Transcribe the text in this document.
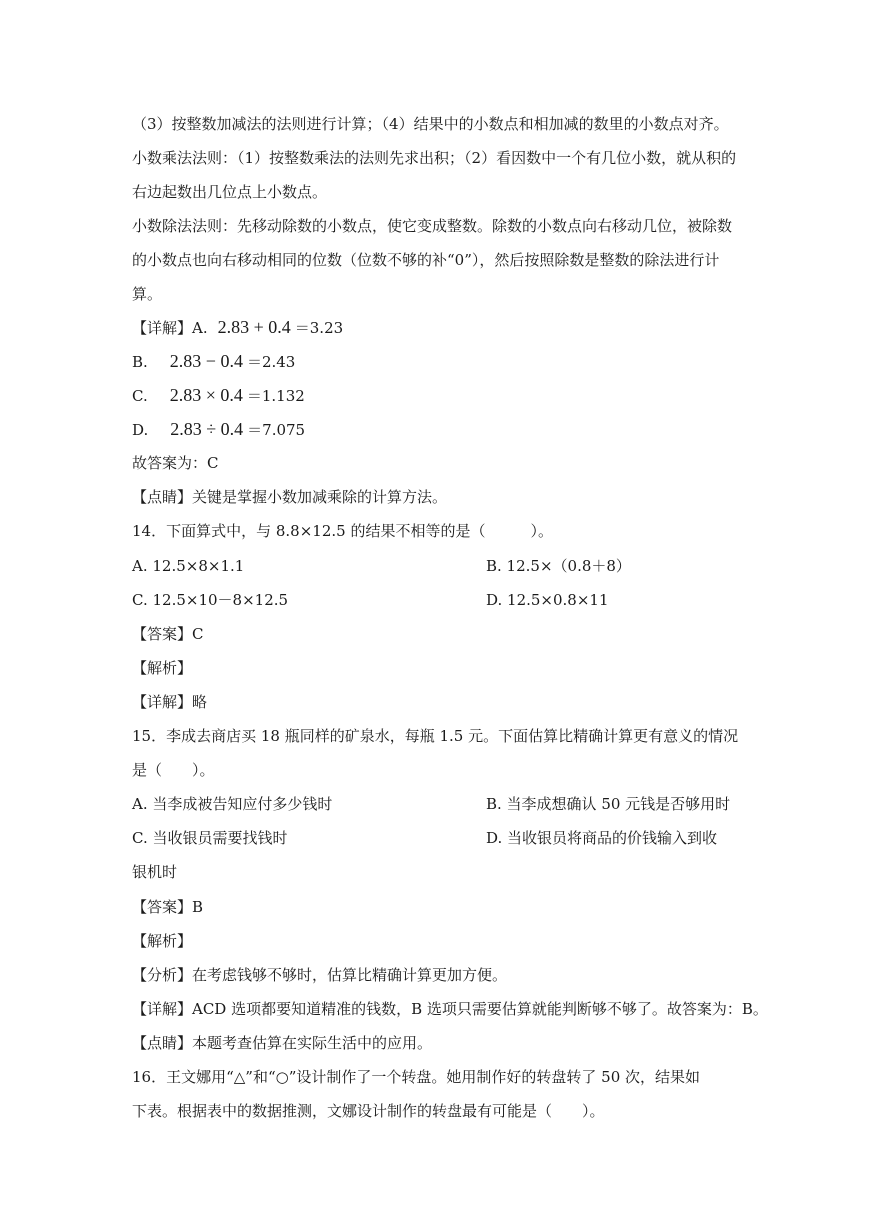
（3）按整数加减法的法则进行计算；（4）结果中的小数点和相加减的数里的小数点对齐。
小数乘法法则：（1）按整数乘法的法则先求出积；（2）看因数中一个有几位小数，就从积的
右边起数出几位点上小数点。
小数除法法则：先移动除数的小数点，使它变成整数。除数的小数点向右移动几位，被除数
的小数点也向右移动相同的位数（位数不够的补“0”），然后按照除数是整数的除法进行计
算。
【详解】A. 2.83 + 0.4 ＝3.23
B. 2.83 − 0.4 ＝2.43
C. 2.83 × 0.4 ＝1.132
D. 2.83 ÷ 0.4 ＝7.075
故答案为：C
【点睛】关键是掌握小数加减乘除的计算方法。
14．下面算式中，与 8.8×12.5 的结果不相等的是（　　　）。
A. 12.5×8×1.1	B. 12.5×（0.8＋8）
C. 12.5×10－8×12.5	D. 12.5×0.8×11
【答案】C
【解析】
【详解】略
15．李成去商店买 18 瓶同样的矿泉水，每瓶 1.5 元。下面估算比精确计算更有意义的情况
是（　　）。
A. 当李成被告知应付多少钱时	B. 当李成想确认 50 元钱是否够用时
C. 当收银员需要找钱时	D. 当收银员将商品的价钱输入到收
银机时
【答案】B
【解析】
【分析】在考虑钱够不够时，估算比精确计算更加方便。
【详解】ACD 选项都要知道精准的钱数，B 选项只需要估算就能判断够不够了。故答案为：B。
【点睛】本题考查估算在实际生活中的应用。
16．王文娜用“△”和“○”设计制作了一个转盘。她用制作好的转盘转了 50 次，结果如
下表。根据表中的数据推测，文娜设计制作的转盘最有可能是（　　）。
